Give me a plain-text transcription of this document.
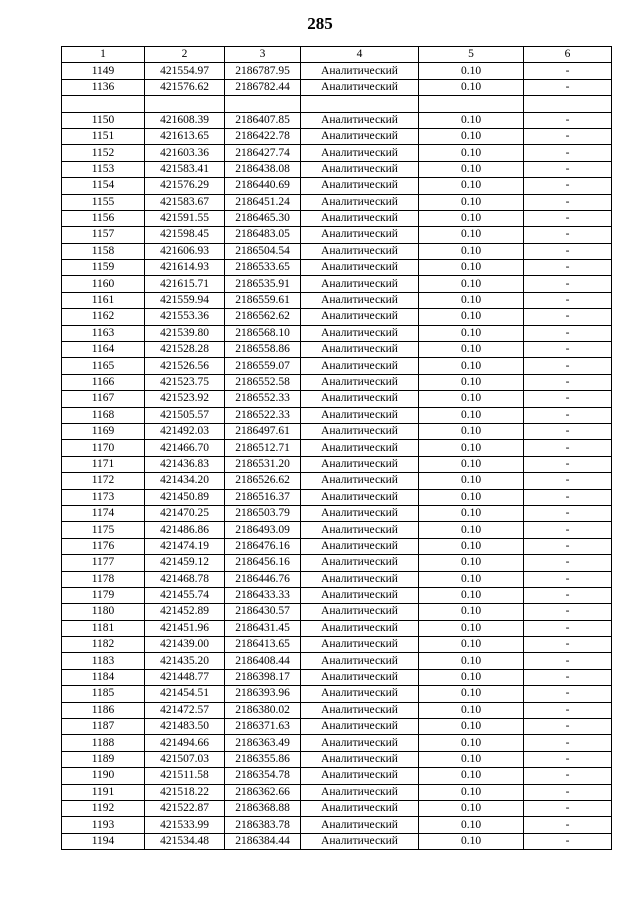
285
1	2	3	4	5	6
1149	421554.97	2186787.95	Аналитический	0.10	-
1136	421576.62	2186782.44	Аналитический	0.10	-

1150	421608.39	2186407.85	Аналитический	0.10	-
1151	421613.65	2186422.78	Аналитический	0.10	-
1152	421603.36	2186427.74	Аналитический	0.10	-
1153	421583.41	2186438.08	Аналитический	0.10	-
1154	421576.29	2186440.69	Аналитический	0.10	-
1155	421583.67	2186451.24	Аналитический	0.10	-
1156	421591.55	2186465.30	Аналитический	0.10	-
1157	421598.45	2186483.05	Аналитический	0.10	-
1158	421606.93	2186504.54	Аналитический	0.10	-
1159	421614.93	2186533.65	Аналитический	0.10	-
1160	421615.71	2186535.91	Аналитический	0.10	-
1161	421559.94	2186559.61	Аналитический	0.10	-
1162	421553.36	2186562.62	Аналитический	0.10	-
1163	421539.80	2186568.10	Аналитический	0.10	-
1164	421528.28	2186558.86	Аналитический	0.10	-
1165	421526.56	2186559.07	Аналитический	0.10	-
1166	421523.75	2186552.58	Аналитический	0.10	-
1167	421523.92	2186552.33	Аналитический	0.10	-
1168	421505.57	2186522.33	Аналитический	0.10	-
1169	421492.03	2186497.61	Аналитический	0.10	-
1170	421466.70	2186512.71	Аналитический	0.10	-
1171	421436.83	2186531.20	Аналитический	0.10	-
1172	421434.20	2186526.62	Аналитический	0.10	-
1173	421450.89	2186516.37	Аналитический	0.10	-
1174	421470.25	2186503.79	Аналитический	0.10	-
1175	421486.86	2186493.09	Аналитический	0.10	-
1176	421474.19	2186476.16	Аналитический	0.10	-
1177	421459.12	2186456.16	Аналитический	0.10	-
1178	421468.78	2186446.76	Аналитический	0.10	-
1179	421455.74	2186433.33	Аналитический	0.10	-
1180	421452.89	2186430.57	Аналитический	0.10	-
1181	421451.96	2186431.45	Аналитический	0.10	-
1182	421439.00	2186413.65	Аналитический	0.10	-
1183	421435.20	2186408.44	Аналитический	0.10	-
1184	421448.77	2186398.17	Аналитический	0.10	-
1185	421454.51	2186393.96	Аналитический	0.10	-
1186	421472.57	2186380.02	Аналитический	0.10	-
1187	421483.50	2186371.63	Аналитический	0.10	-
1188	421494.66	2186363.49	Аналитический	0.10	-
1189	421507.03	2186355.86	Аналитический	0.10	-
1190	421511.58	2186354.78	Аналитический	0.10	-
1191	421518.22	2186362.66	Аналитический	0.10	-
1192	421522.87	2186368.88	Аналитический	0.10	-
1193	421533.99	2186383.78	Аналитический	0.10	-
1194	421534.48	2186384.44	Аналитический	0.10	-
